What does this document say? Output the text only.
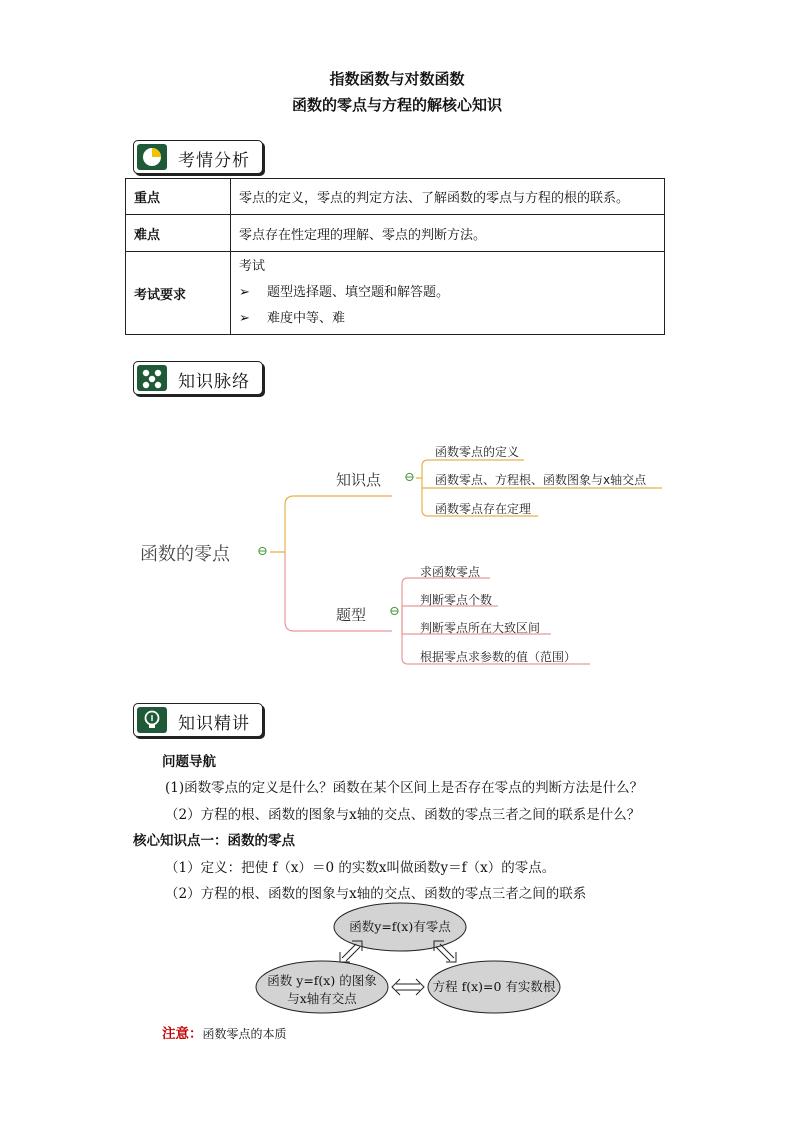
指数函数与对数函数
函数的零点与方程的解核心知识
考情分析
重点	零点的定义，零点的判定方法、了解函数的零点与方程的根的联系。
难点	零点存在性定理的理解、零点的判断方法。
考试要求	考试
➢ 题型选择题、填空题和解答题。
➢ 难度中等、难
知识脉络
函数的零点 ⊖
知识点 ⊖
函数零点的定义
函数零点、方程根、函数图象与x轴交点
函数零点存在定理
题型 ⊖
求函数零点
判断零点个数
判断零点所在大致区间
根据零点求参数的值（范围）
知识精讲
问题导航
(1)函数零点的定义是什么？函数在某个区间上是否存在零点的判断方法是什么？
（2）方程的根、函数的图象与x轴的交点、函数的零点三者之间的联系是什么？
核心知识点一：函数的零点
（1）定义：把使 f（x）＝0 的实数x叫做函数y＝f（x）的零点。
（2）方程的根、函数的图象与x轴的交点、函数的零点三者之间的联系
函数y=f(x)有零点
函数 y=f(x) 的图象
与x轴有交点
方程 f(x)=0 有实数根
注意：函数零点的本质
